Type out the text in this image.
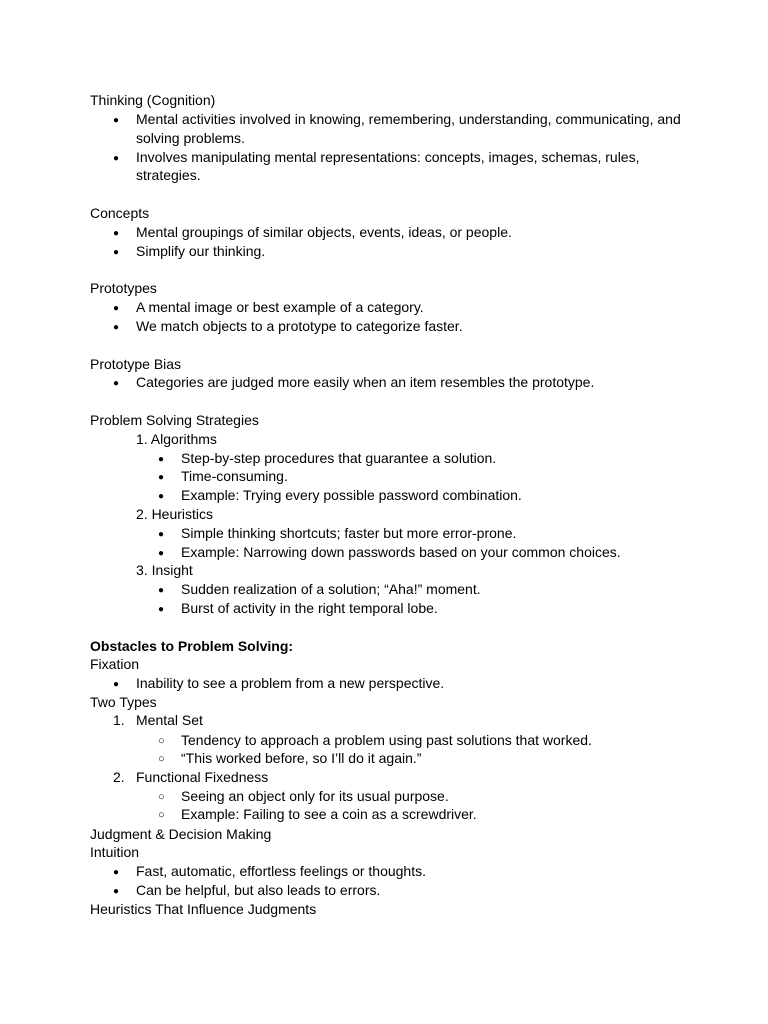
Thinking (Cognition)
●Mental activities involved in knowing, remembering, understanding, communicating, and
solving problems.
●Involves manipulating mental representations: concepts, images, schemas, rules,
strategies.
Concepts
●Mental groupings of similar objects, events, ideas, or people.
●Simplify our thinking.
Prototypes
●A mental image or best example of a category.
●We match objects to a prototype to categorize faster.
Prototype Bias
●Categories are judged more easily when an item resembles the prototype.
Problem Solving Strategies
1. Algorithms
●Step-by-step procedures that guarantee a solution.
●Time-consuming.
●Example: Trying every possible password combination.
2. Heuristics
●Simple thinking shortcuts; faster but more error-prone.
●Example: Narrowing down passwords based on your common choices.
3. Insight
●Sudden realization of a solution; “Aha!” moment.
●Burst of activity in the right temporal lobe.
Obstacles to Problem Solving:
Fixation
●Inability to see a problem from a new perspective.
Two Types
1. Mental Set
○Tendency to approach a problem using past solutions that worked.
○“This worked before, so I’ll do it again.”
2. Functional Fixedness
○Seeing an object only for its usual purpose.
○Example: Failing to see a coin as a screwdriver.
Judgment & Decision Making
Intuition
●Fast, automatic, effortless feelings or thoughts.
●Can be helpful, but also leads to errors.
Heuristics That Influence Judgments
